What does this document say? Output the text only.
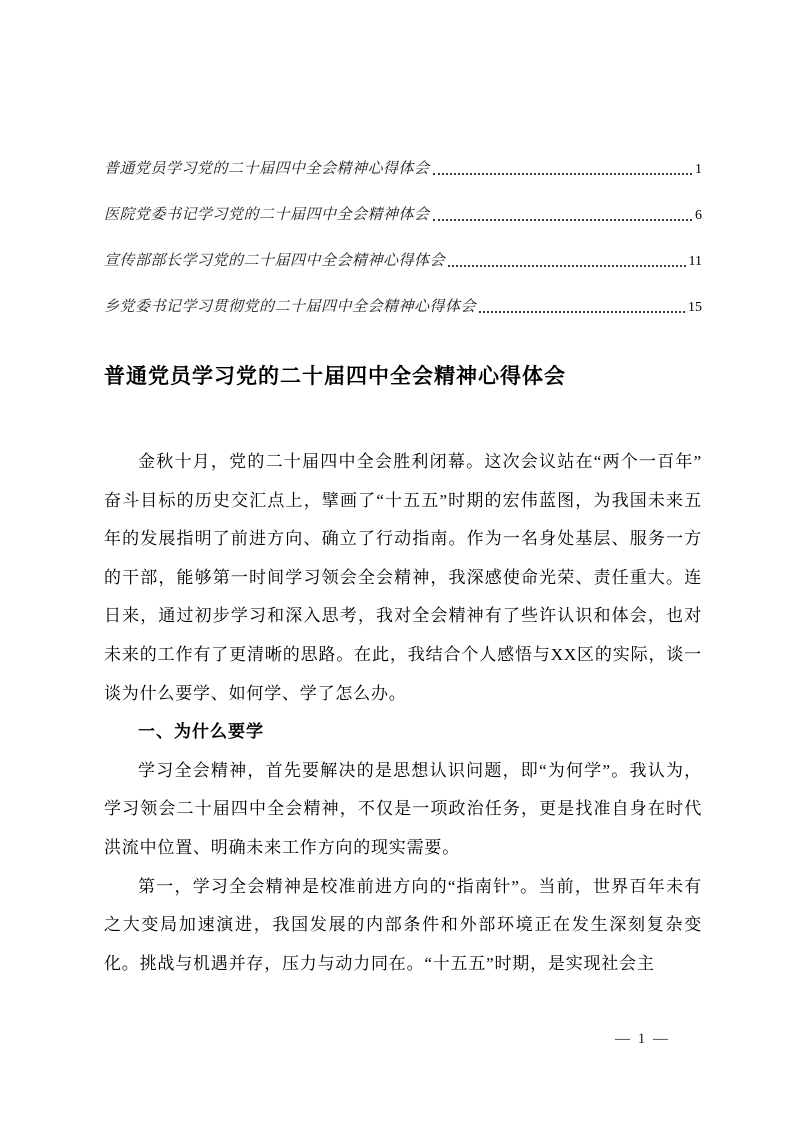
普通党员学习党的二十届四中全会精神心得体会	1
医院党委书记学习党的二十届四中全会精神体会	6
宣传部部长学习党的二十届四中全会精神心得体会	11
乡党委书记学习贯彻党的二十届四中全会精神心得体会	15
普通党员学习党的二十届四中全会精神心得体会

金秋十月，党的二十届四中全会胜利闭幕。这次会议站在“两个一百年”奋斗目标的历史交汇点上，擘画了“十五五”时期的宏伟蓝图，为我国未来五年的发展指明了前进方向、确立了行动指南。作为一名身处基层、服务一方的干部，能够第一时间学习领会全会精神，我深感使命光荣、责任重大。连日来，通过初步学习和深入思考，我对全会精神有了些许认识和体会，也对未来的工作有了更清晰的思路。在此，我结合个人感悟与XX区的实际，谈一谈为什么要学、如何学、学了怎么办。

一、为什么要学

学习全会精神，首先要解决的是思想认识问题，即“为何学”。我认为，学习领会二十届四中全会精神，不仅是一项政治任务，更是找准自身在时代洪流中位置、明确未来工作方向的现实需要。

第一，学习全会精神是校准前进方向的“指南针”。当前，世界百年未有之大变局加速演进，我国发展的内部条件和外部环境正在发生深刻复杂变化。挑战与机遇并存，压力与动力同在。“十五五”时期，是实现社会主

— 1 —
